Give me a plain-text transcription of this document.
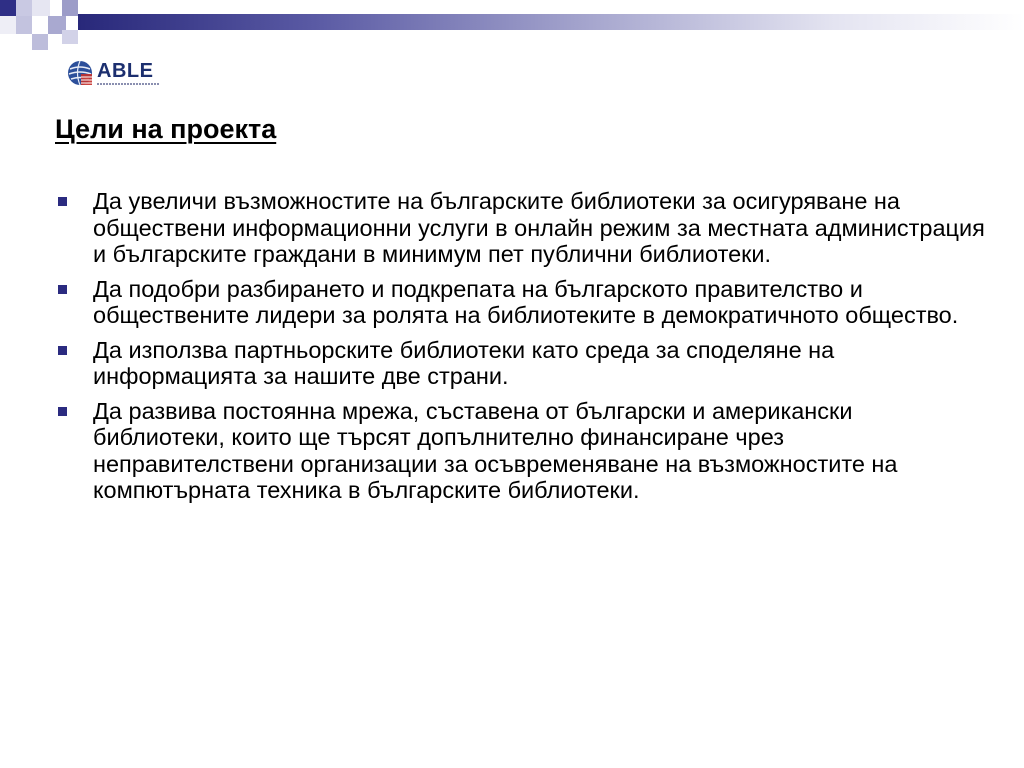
ABLE
Цели на проекта
Да увеличи възможностите на българските библиотеки за осигуряване на обществени информационни услуги в онлайн режим за местната администрация и българските граждани в минимум пет публични библиотеки.
Да подобри разбирането и подкрепата на българското правителство и обществените лидери за ролята на библиотеките в демократичното общество.
Да използва партньорските библиотеки като среда за споделяне на информацията за нашите две страни.
Да развива постоянна мрежа, съставена от български и американски библиотеки, които ще търсят допълнително финансиране чрез неправителствени организации за осъвременяване на възможностите на компютърната техника в българските библиотеки.
